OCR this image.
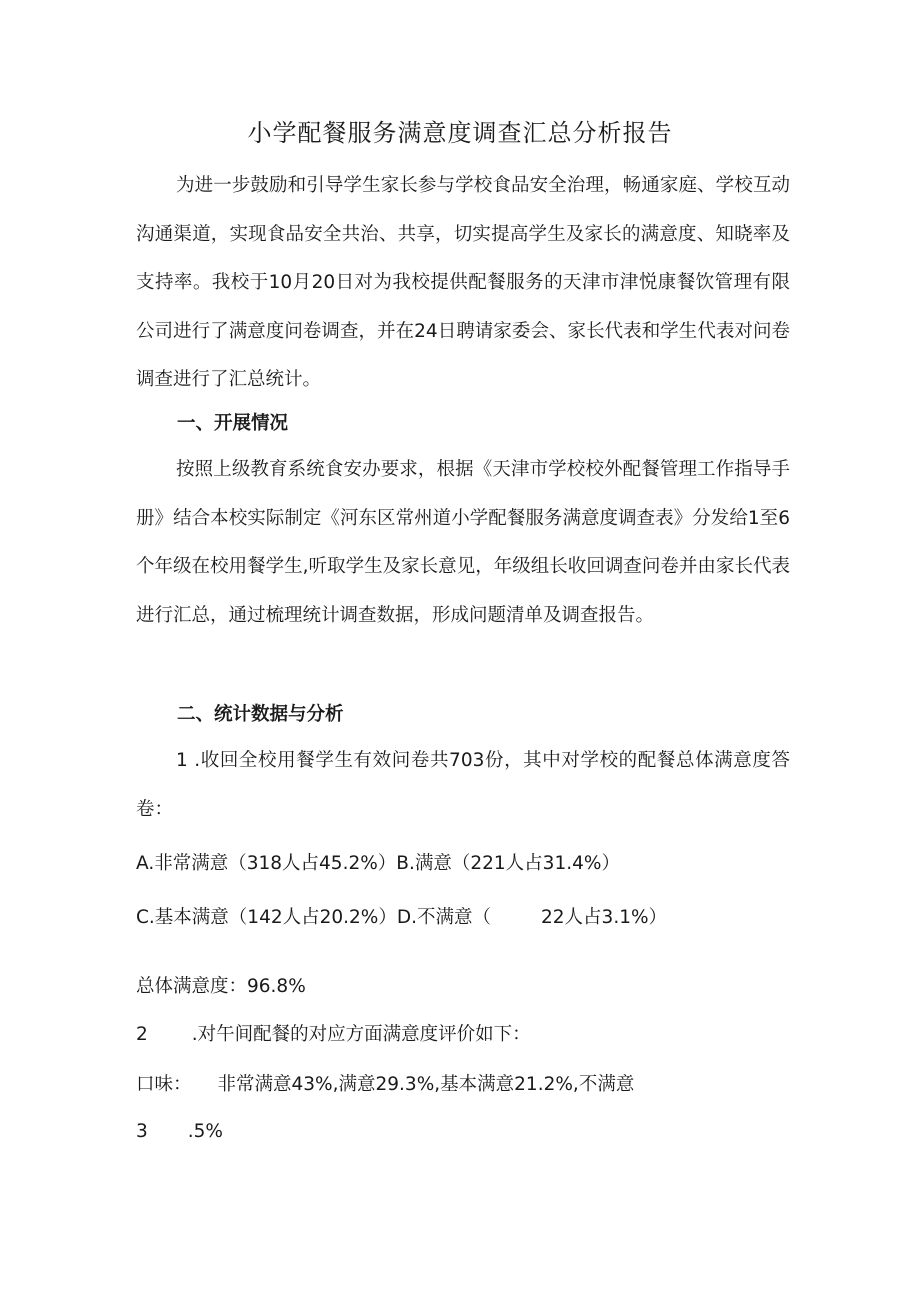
小学配餐服务满意度调查汇总分析报告
为进一步鼓励和引导学生家长参与学校食品安全治理，畅通家庭、学校互动沟通渠道，实现食品安全共治、共享，切实提高学生及家长的满意度、知晓率及支持率。我校于10月20日对为我校提供配餐服务的天津市津悦康餐饮管理有限公司进行了满意度问卷调查，并在24日聘请家委会、家长代表和学生代表对问卷调查进行了汇总统计。
一、开展情况
按照上级教育系统食安办要求，根据《天津市学校校外配餐管理工作指导手册》结合本校实际制定《河东区常州道小学配餐服务满意度调查表》分发给1至6个年级在校用餐学生,听取学生及家长意见，年级组长收回调查问卷并由家长代表进行汇总，通过梳理统计调查数据，形成问题清单及调查报告。
二、统计数据与分析
1 .收回全校用餐学生有效问卷共703份，其中对学校的配餐总体满意度答卷：
A.非常满意（318人占45.2%）B.满意（221人占31.4%）
C.基本满意（142人占20.2%）D.不满意（	22人占3.1%）
总体满意度：96.8%
2 .对午间配餐的对应方面满意度评价如下：
口味： 非常满意43%,满意29.3%,基本满意21.2%,不满意
3 .5%
